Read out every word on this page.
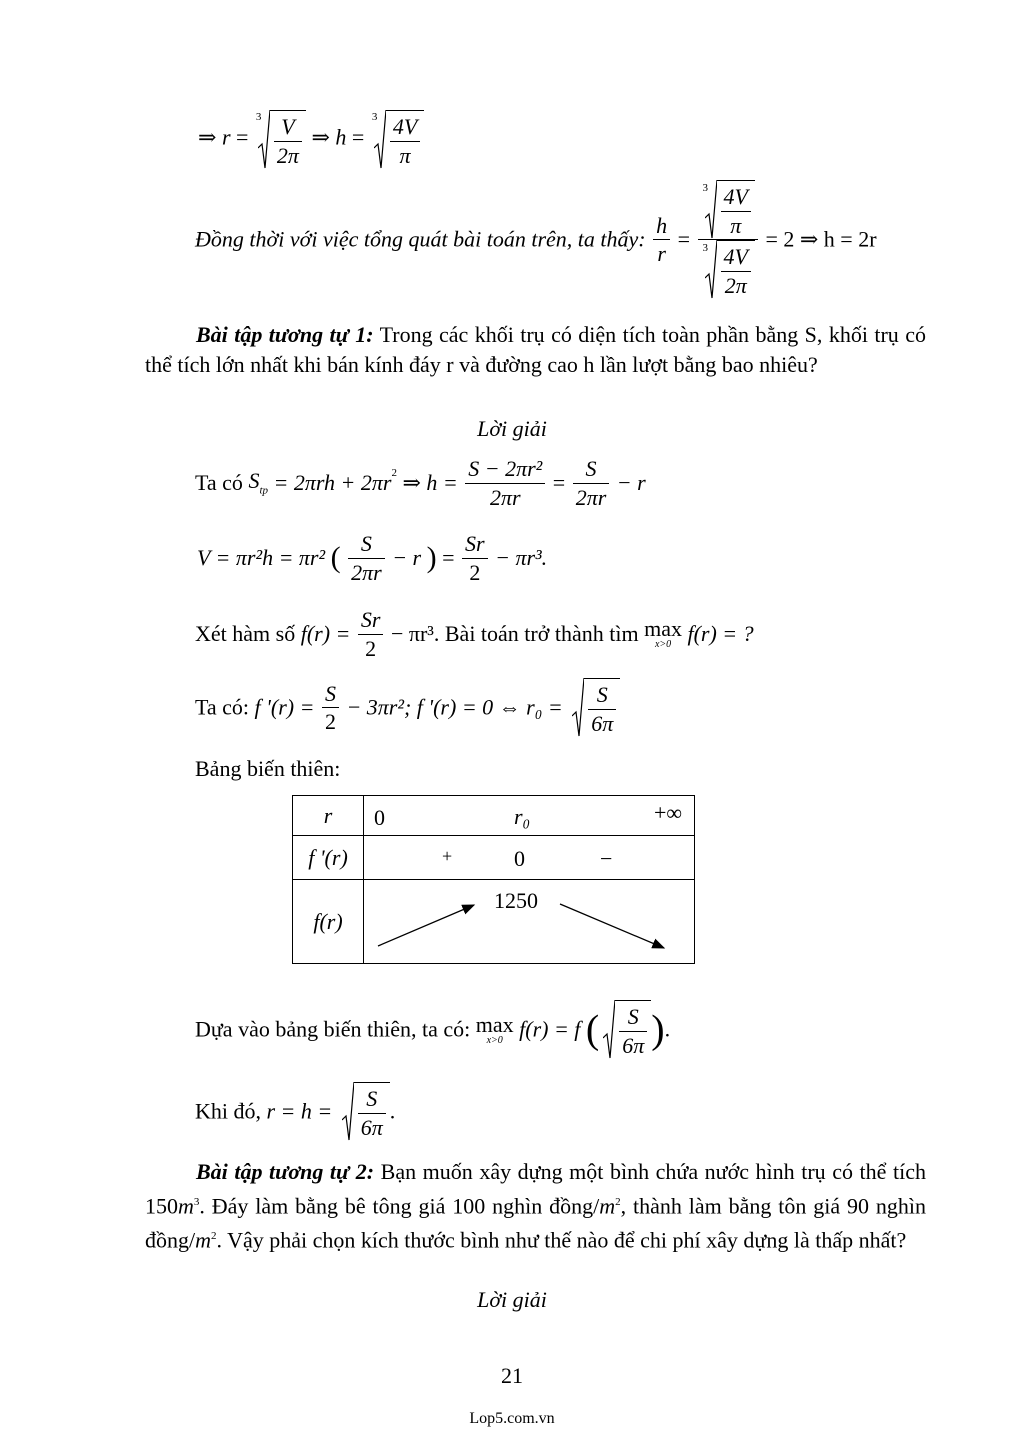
⇒ r =
$3 \frac{V}{2\pi}$ ⇒ h =
$3 \frac{4V}{\pi}$
Đồng thời với việc tổng quát bài toán trên, ta thấy: $\frac{h}{r} = \frac{3 \frac{4V}{\pi}}{3 \frac{4V}{2\pi}} = 2$ ⇒ h = 2r
Bài tập tương tự 1: Trong các khối trụ có diện tích toàn phần bằng S, khối trụ có thể tích lớn nhất khi bán kính đáy r và đường cao h lần lượt bằng bao nhiêu?
Lời giải
Ta có $S_{tp} = 2\pi rh + 2\pi r^2$ ⇒ $h = \frac{\text{S − 2πr²}}{2\pi r} = \frac{S}{2\pi r} - r$
V = πr²h = πr² ( $\frac{S}{2\pi r} - r$ ) = $\frac{Sr}{2} - \pi r^3$.
Xét hàm số $f(r) = \frac{Sr}{2} - \pi r^3$. Bài toán trở thành tìm max
x>0 f(r) = ?
Ta có: f '$(r) = \frac{S}{2} - 3\pi r^2$; f '(r) = 0 ⇔ $r_0 = \frac{S}{6\pi}$
Bảng biến thiên:
r	0 r₀ +∞

f '(r)	+ 0 −

f(r)	1250
Dựa vào bảng biến thiên, ta có: max
x>0 f(r) = f ( $\frac{S}{6\pi}$ ).
Khi đó, $r = h = \frac{S}{6\pi}$ .
Bài tập tương tự 2: Bạn muốn xây dựng một bình chứa nước hình trụ có thể tích $150m^3$. Đáy làm bằng bê tông giá 100 nghìn đồng/$m^2$, thành làm bằng tôn giá 90 nghìn đồng/$m^2$. Vậy phải chọn kích thước bình như thế nào để chi phí xây dựng là thấp nhất?
Lời giải
21
Lop5.com.vn
